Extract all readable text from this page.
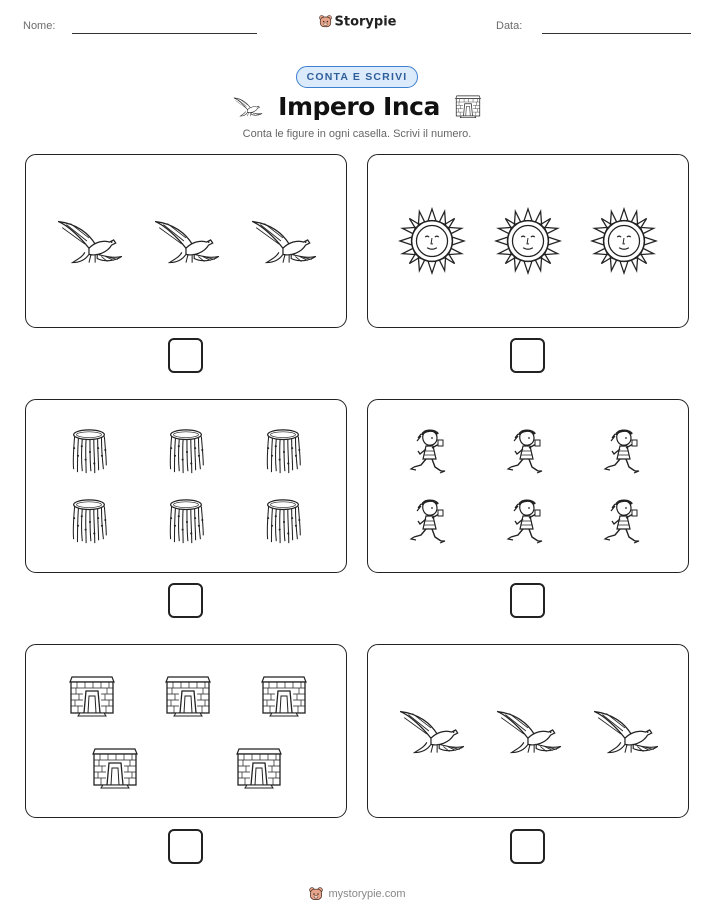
Nome:	Storypie	Data:
CONTA E SCRIVI
Impero Inca
Conta le figure in ogni casella. Scrivi il numero.
mystorypie.com
